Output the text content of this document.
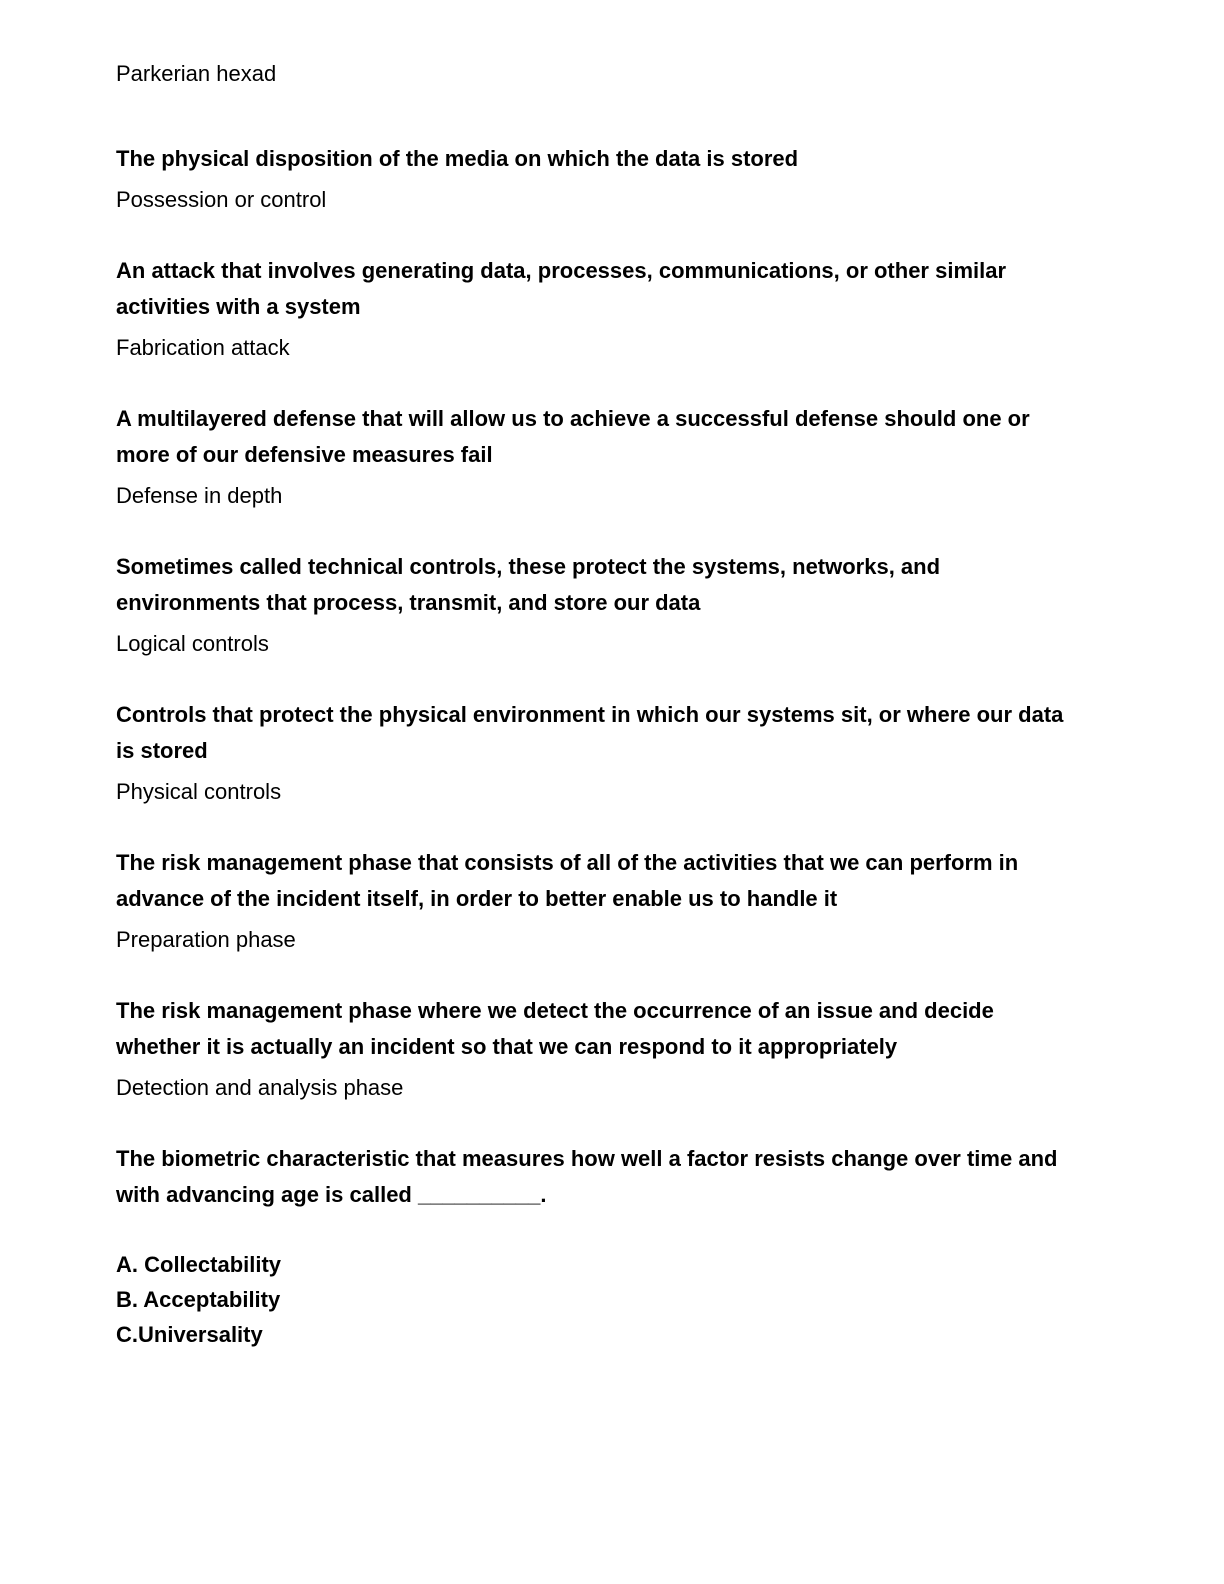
Parkerian hexad

The physical disposition of the media on which the data is stored

Possession or control

An attack that involves generating data, processes, communications, or other similar activities with a system

Fabrication attack

A multilayered defense that will allow us to achieve a successful defense should one or more of our defensive measures fail

Defense in depth

Sometimes called technical controls, these protect the systems, networks, and environments that process, transmit, and store our data

Logical controls

Controls that protect the physical environment in which our systems sit, or where our data is stored

Physical controls

The risk management phase that consists of all of the activities that we can perform in advance of the incident itself, in order to better enable us to handle it

Preparation phase

The risk management phase where we detect the occurrence of an issue and decide whether it is actually an incident so that we can respond to it appropriately

Detection and analysis phase

The biometric characteristic that measures how well a factor resists change over time and with advancing age is called __________.

A. Collectability
B. Acceptability
C.Universality
